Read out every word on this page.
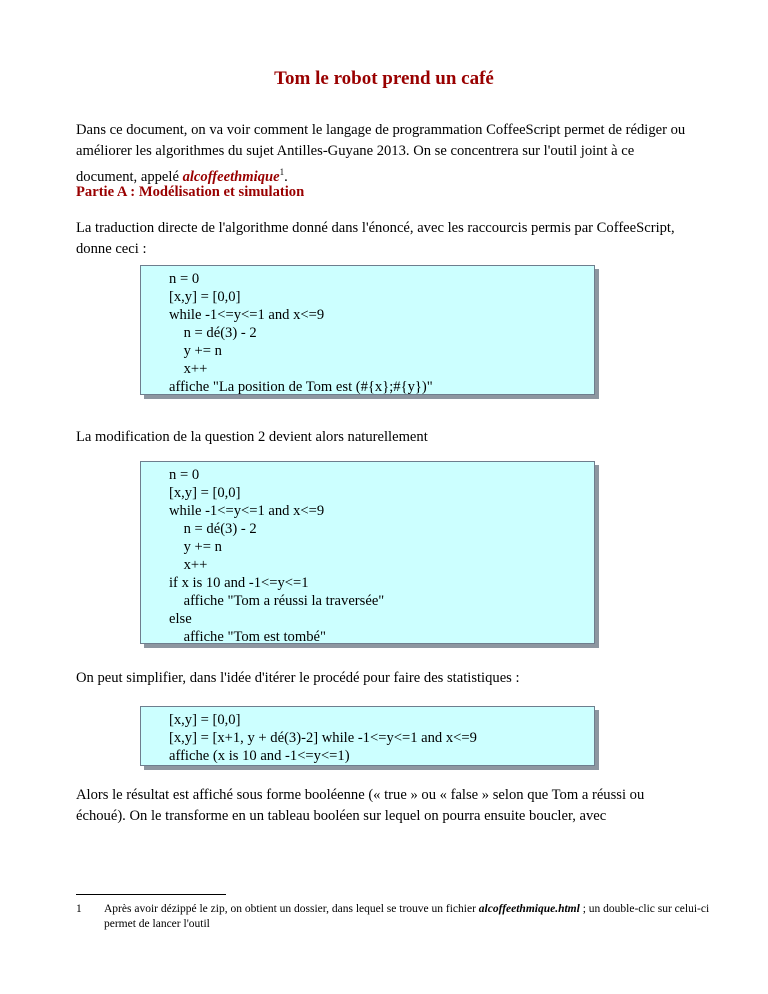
Tom le robot prend un café

Dans ce document, on va voir comment le langage de programmation CoffeeScript permet de rédiger ou améliorer les algorithmes du sujet Antilles-Guyane 2013. On se concentrera sur l'outil joint à ce document, appelé alcoffeethmique$^1$.

Partie A : Modélisation et simulation

La traduction directe de l'algorithme donné dans l'énoncé, avec les raccourcis permis par CoffeeScript, donne ceci :

n = 0
[x,y] = [0,0]
while -1<=y<=1 and x<=9
n = dé(3) - 2
y += n
x++
affiche "La position de Tom est (#{x};#{y})"

La modification de la question 2 devient alors naturellement

n = 0
[x,y] = [0,0]
while -1<=y<=1 and x<=9
n = dé(3) - 2
y += n
x++
if x is 10 and -1<=y<=1
affiche "Tom a réussi la traversée"
else
affiche "Tom est tombé"

On peut simplifier, dans l'idée d'itérer le procédé pour faire des statistiques :

[x,y] = [0,0]
[x,y] = [x+1, y + dé(3)-2] while -1<=y<=1 and x<=9
affiche (x is 10 and -1<=y<=1)

Alors le résultat est affiché sous forme booléenne (« true » ou « false » selon que Tom a réussi ou échoué). On le transforme en un tableau booléen sur lequel on pourra ensuite boucler, avec

1 Après avoir dézippé le zip, on obtient un dossier, dans lequel se trouve un fichier alcoffeethmique.html ; un double-clic sur celui-ci permet de lancer l'outil
